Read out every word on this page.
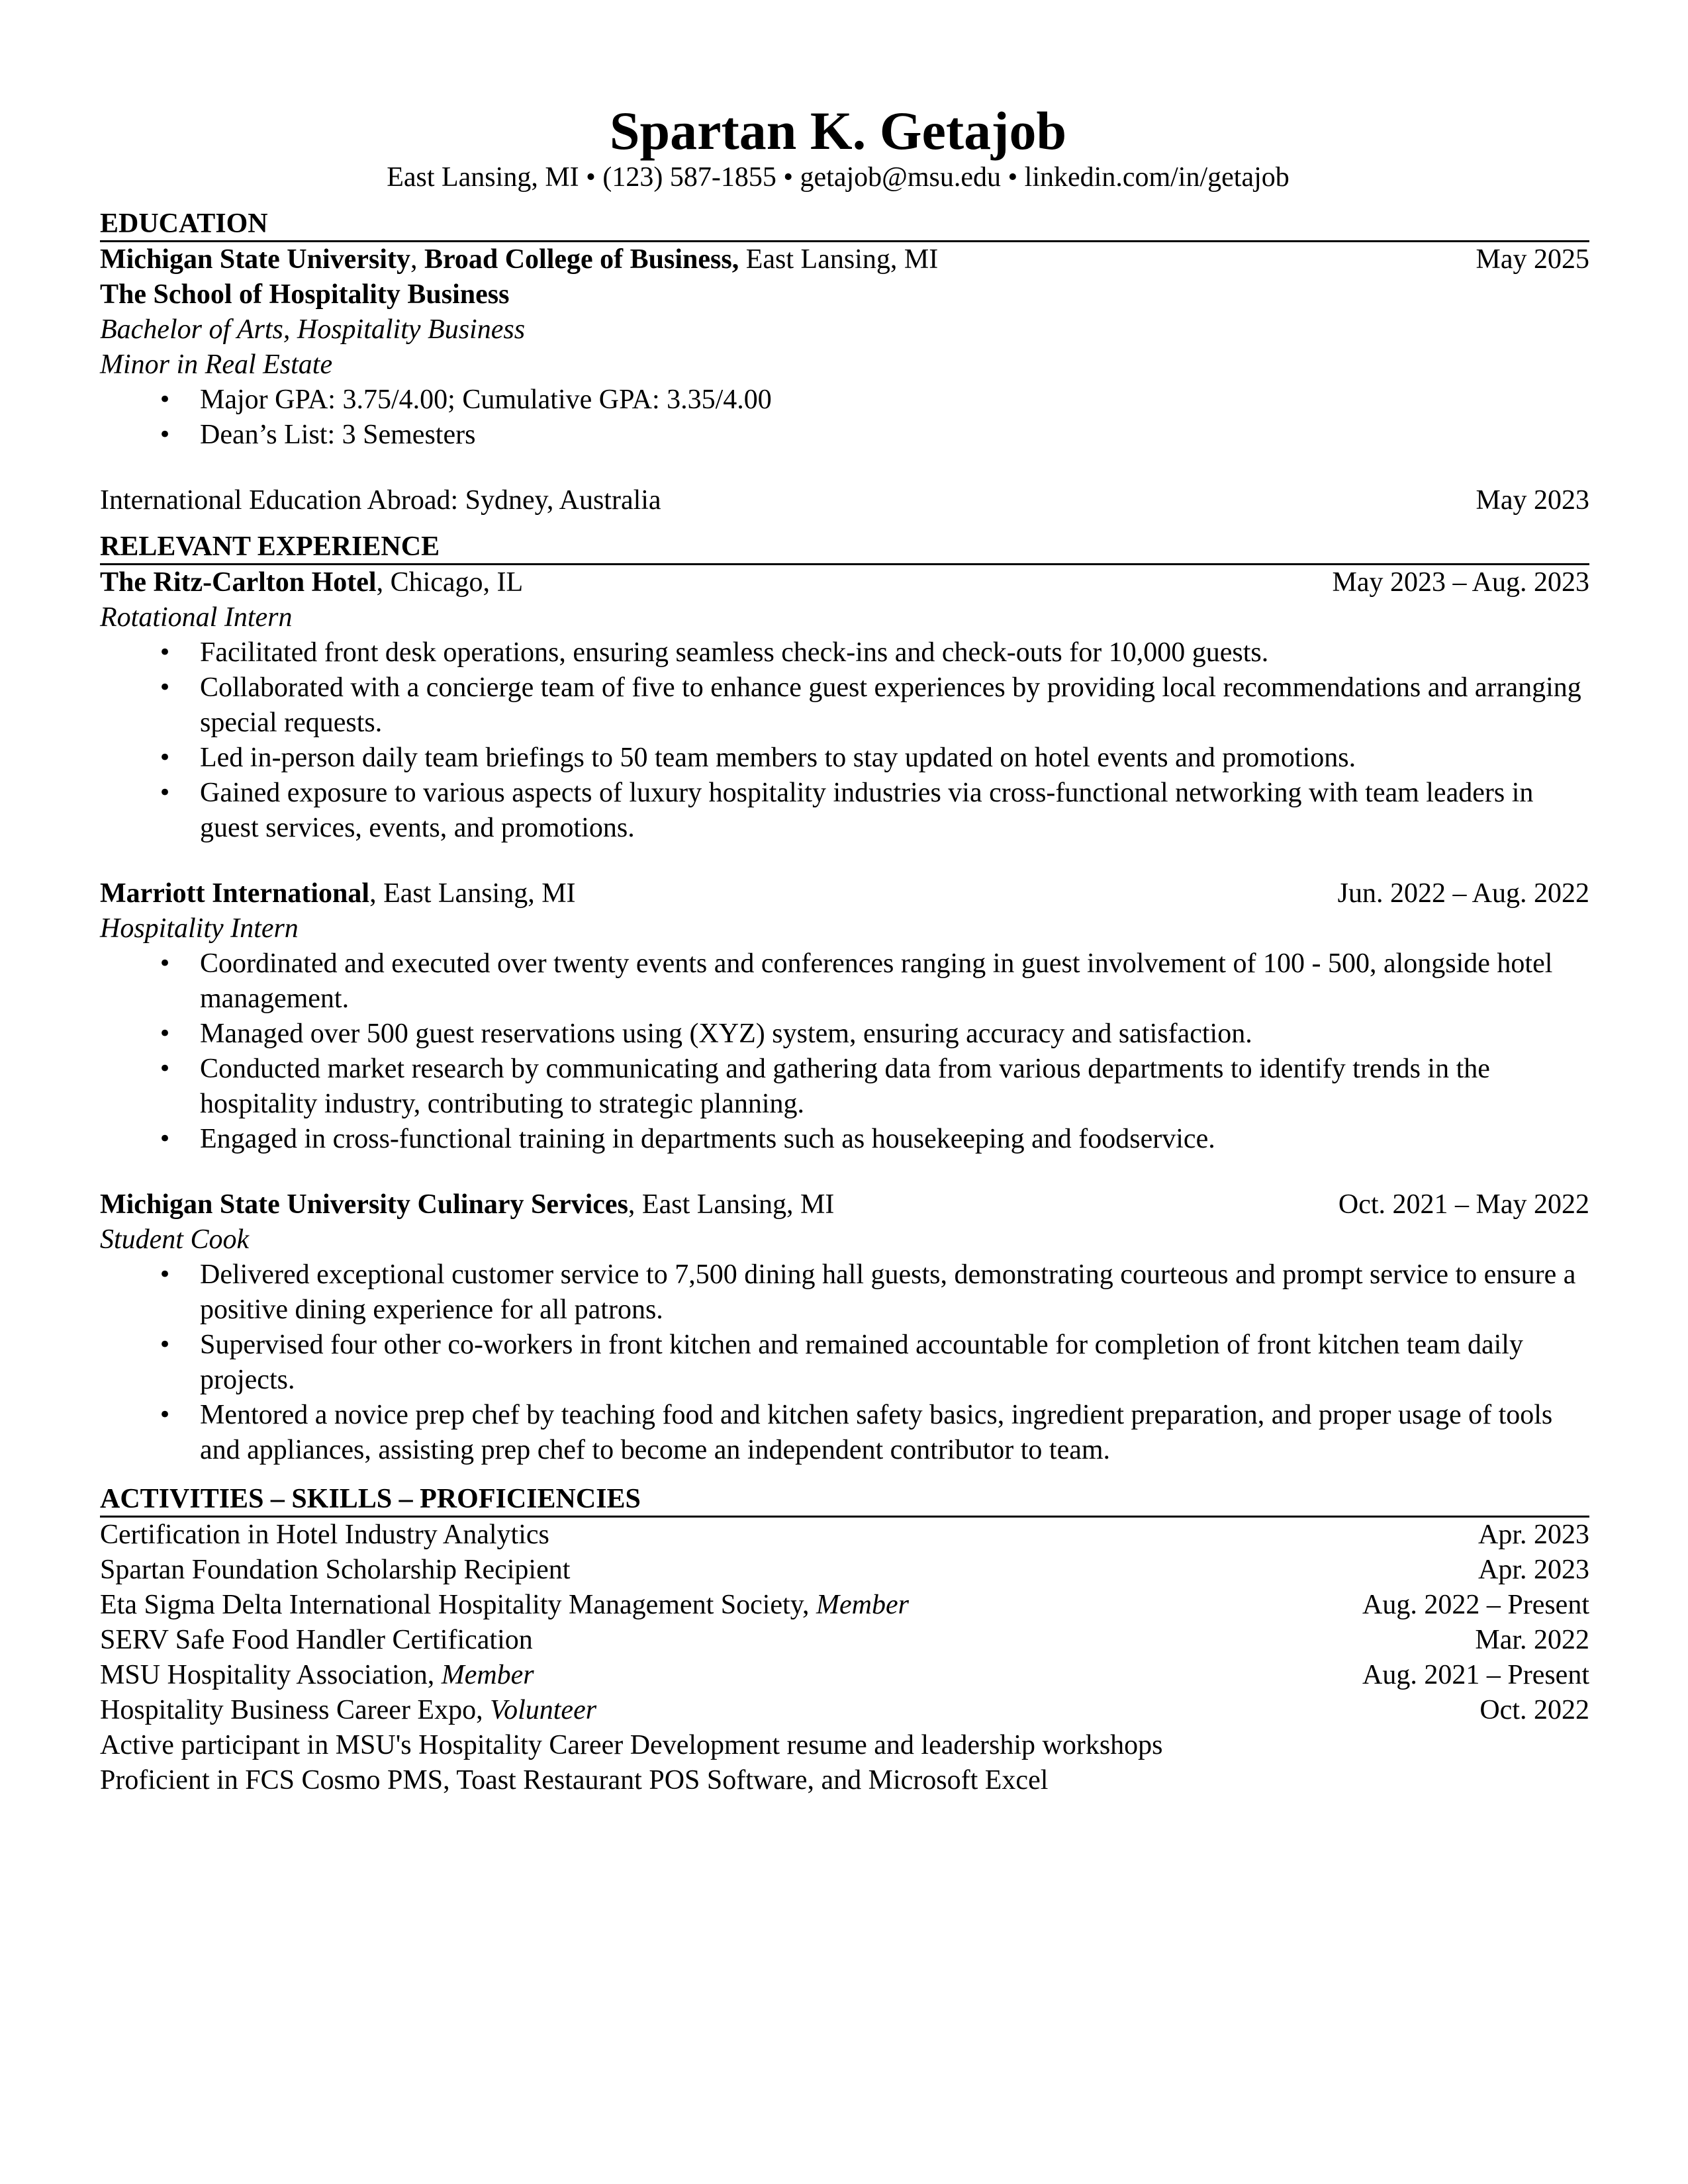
Spartan K. Getajob
East Lansing, MI • (123) 587-1855 • getajob@msu.edu • linkedin.com/in/getajob
EDUCATION
Michigan State University, Broad College of Business, East Lansing, MI	May 2025
The School of Hospitality Business
Bachelor of Arts, Hospitality Business
Minor in Real Estate
• Major GPA: 3.75/4.00; Cumulative GPA: 3.35/4.00
• Dean’s List: 3 Semesters
International Education Abroad: Sydney, Australia	May 2023
RELEVANT EXPERIENCE
The Ritz-Carlton Hotel, Chicago, IL	May 2023 – Aug. 2023
Rotational Intern
• Facilitated front desk operations, ensuring seamless check-ins and check-outs for 10,000 guests.
• Collaborated with a concierge team of five to enhance guest experiences by providing local recommendations and arranging special requests.
• Led in-person daily team briefings to 50 team members to stay updated on hotel events and promotions.
• Gained exposure to various aspects of luxury hospitality industries via cross-functional networking with team leaders in guest services, events, and promotions.
Marriott International, East Lansing, MI	Jun. 2022 – Aug. 2022
Hospitality Intern
• Coordinated and executed over twenty events and conferences ranging in guest involvement of 100 - 500, alongside hotel management.
• Managed over 500 guest reservations using (XYZ) system, ensuring accuracy and satisfaction.
• Conducted market research by communicating and gathering data from various departments to identify trends in the hospitality industry, contributing to strategic planning.
• Engaged in cross-functional training in departments such as housekeeping and foodservice.
Michigan State University Culinary Services, East Lansing, MI	Oct. 2021 – May 2022
Student Cook
• Delivered exceptional customer service to 7,500 dining hall guests, demonstrating courteous and prompt service to ensure a positive dining experience for all patrons.
• Supervised four other co-workers in front kitchen and remained accountable for completion of front kitchen team daily projects.
• Mentored a novice prep chef by teaching food and kitchen safety basics, ingredient preparation, and proper usage of tools and appliances, assisting prep chef to become an independent contributor to team.
ACTIVITIES – SKILLS – PROFICIENCIES
Certification in Hotel Industry Analytics	Apr. 2023
Spartan Foundation Scholarship Recipient	Apr. 2023
Eta Sigma Delta International Hospitality Management Society, Member	Aug. 2022 – Present
SERV Safe Food Handler Certification	Mar. 2022
MSU Hospitality Association, Member	Aug. 2021 – Present
Hospitality Business Career Expo, Volunteer	Oct. 2022
Active participant in MSU's Hospitality Career Development resume and leadership workshops
Proficient in FCS Cosmo PMS, Toast Restaurant POS Software, and Microsoft Excel
